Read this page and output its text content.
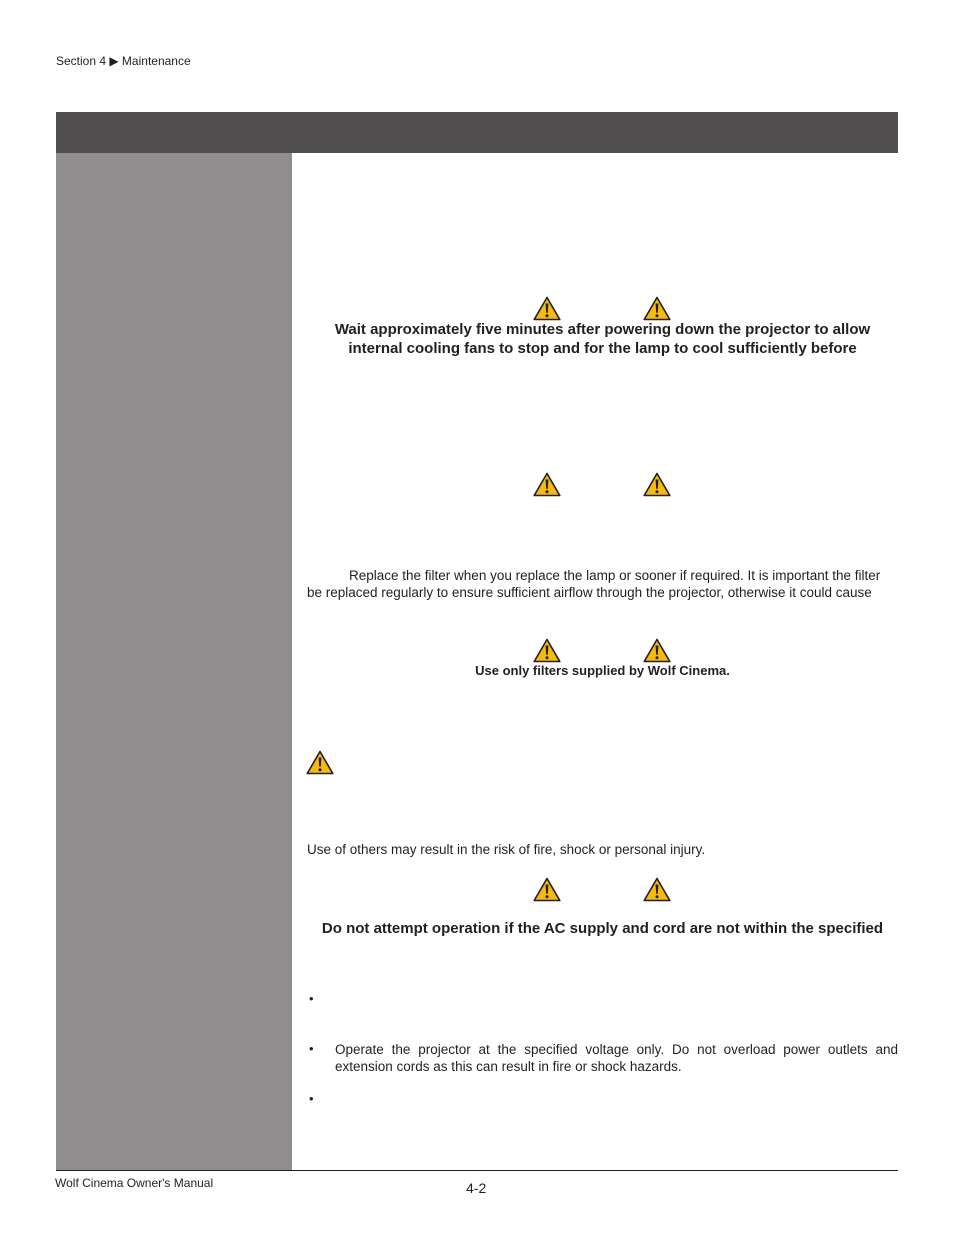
Section 4 ▶ Maintenance
Wait approximately five minutes after powering down the projector to allow
internal cooling fans to stop and for the lamp to cool sufficiently before
Replace the filter when you replace the lamp or sooner if required. It is important the filter
be replaced regularly to ensure sufficient airflow through the projector, otherwise it could cause
Use only filters supplied by Wolf Cinema.
Use of others may result in the risk of fire, shock or personal injury.
Do not attempt operation if the AC supply and cord are not within the specified
•
• Operate the projector at the specified voltage only. Do not overload power outlets and
extension cords as this can result in fire or shock hazards.
•
Wolf Cinema Owner's Manual	4-2
